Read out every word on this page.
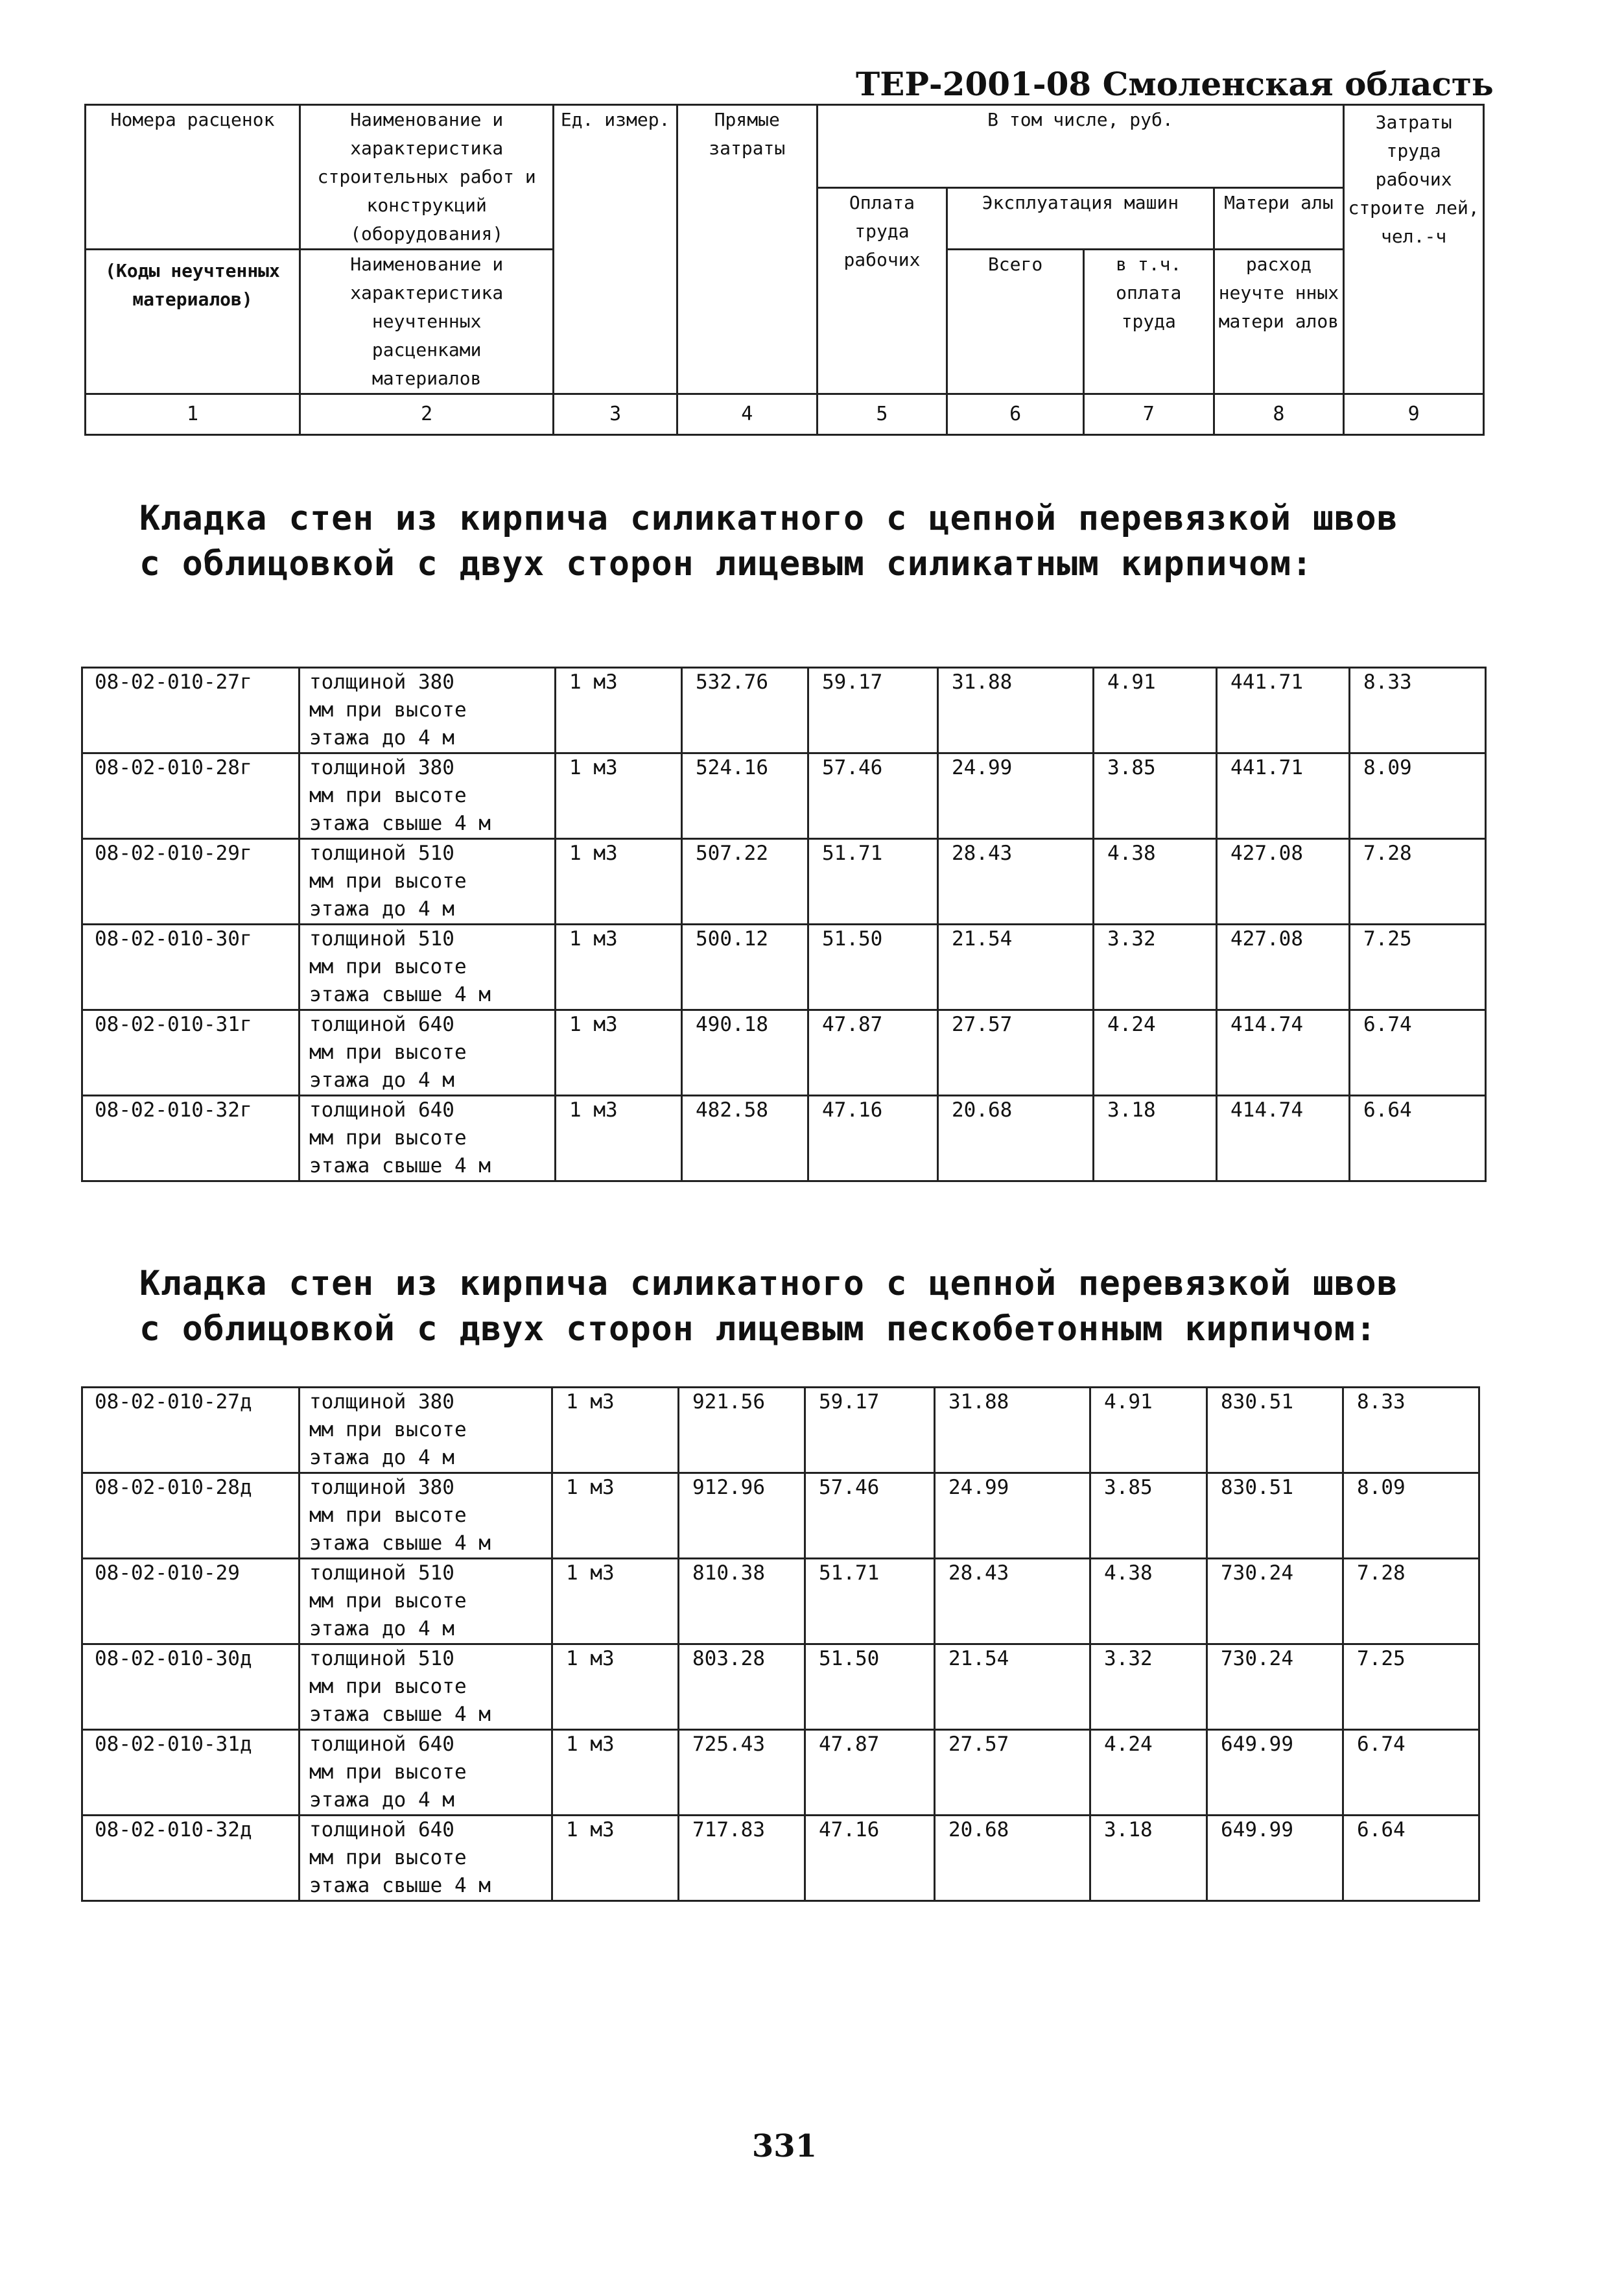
ТЕР-2001-08 Смоленская область
Номера расценок	Наименование и характеристика строительных работ и конструкций (оборудования)	Ед. измер.	Прямые затраты	В том числе, руб.				Затраты труда рабочих строите лей, чел.-ч
				Оплата труда рабочих	Эксплуатация машин		Матери алы	
(Коды неучтенных материалов)	Наименование и характеристика неучтенных расценками материалов				Всего	в т.ч. оплата труда	расход неучте нных матери алов	

1	2	3	4	5	6	7	8	9
Кладка стен из кирпича силикатного с цепной перевязкой швов с облицовкой с двух сторон лицевым силикатным кирпичом:
08-02-010-27г	толщиной 380
мм при высоте
этажа до 4 м	1 м3	532.76	59.17	31.88	4.91	441.71	8.33
08-02-010-28г	толщиной 380
мм при высоте
этажа свыше 4 м	1 м3	524.16	57.46	24.99	3.85	441.71	8.09
08-02-010-29г	толщиной 510
мм при высоте
этажа до 4 м	1 м3	507.22	51.71	28.43	4.38	427.08	7.28
08-02-010-30г	толщиной 510
мм при высоте
этажа свыше 4 м	1 м3	500.12	51.50	21.54	3.32	427.08	7.25
08-02-010-31г	толщиной 640
мм при высоте
этажа до 4 м	1 м3	490.18	47.87	27.57	4.24	414.74	6.74
08-02-010-32г	толщиной 640
мм при высоте
этажа свыше 4 м	1 м3	482.58	47.16	20.68	3.18	414.74	6.64
Кладка стен из кирпича силикатного с цепной перевязкой швов с облицовкой с двух сторон лицевым пескобетонным кирпичом:
08-02-010-27д	толщиной 380
мм при высоте
этажа до 4 м	1 м3	921.56	59.17	31.88	4.91	830.51	8.33
08-02-010-28д	толщиной 380
мм при высоте
этажа свыше 4 м	1 м3	912.96	57.46	24.99	3.85	830.51	8.09
08-02-010-29	толщиной 510
мм при высоте
этажа до 4 м	1 м3	810.38	51.71	28.43	4.38	730.24	7.28
08-02-010-30д	толщиной 510
мм при высоте
этажа свыше 4 м	1 м3	803.28	51.50	21.54	3.32	730.24	7.25
08-02-010-31д	толщиной 640
мм при высоте
этажа до 4 м	1 м3	725.43	47.87	27.57	4.24	649.99	6.74
08-02-010-32д	толщиной 640
мм при высоте
этажа свыше 4 м	1 м3	717.83	47.16	20.68	3.18	649.99	6.64
331
